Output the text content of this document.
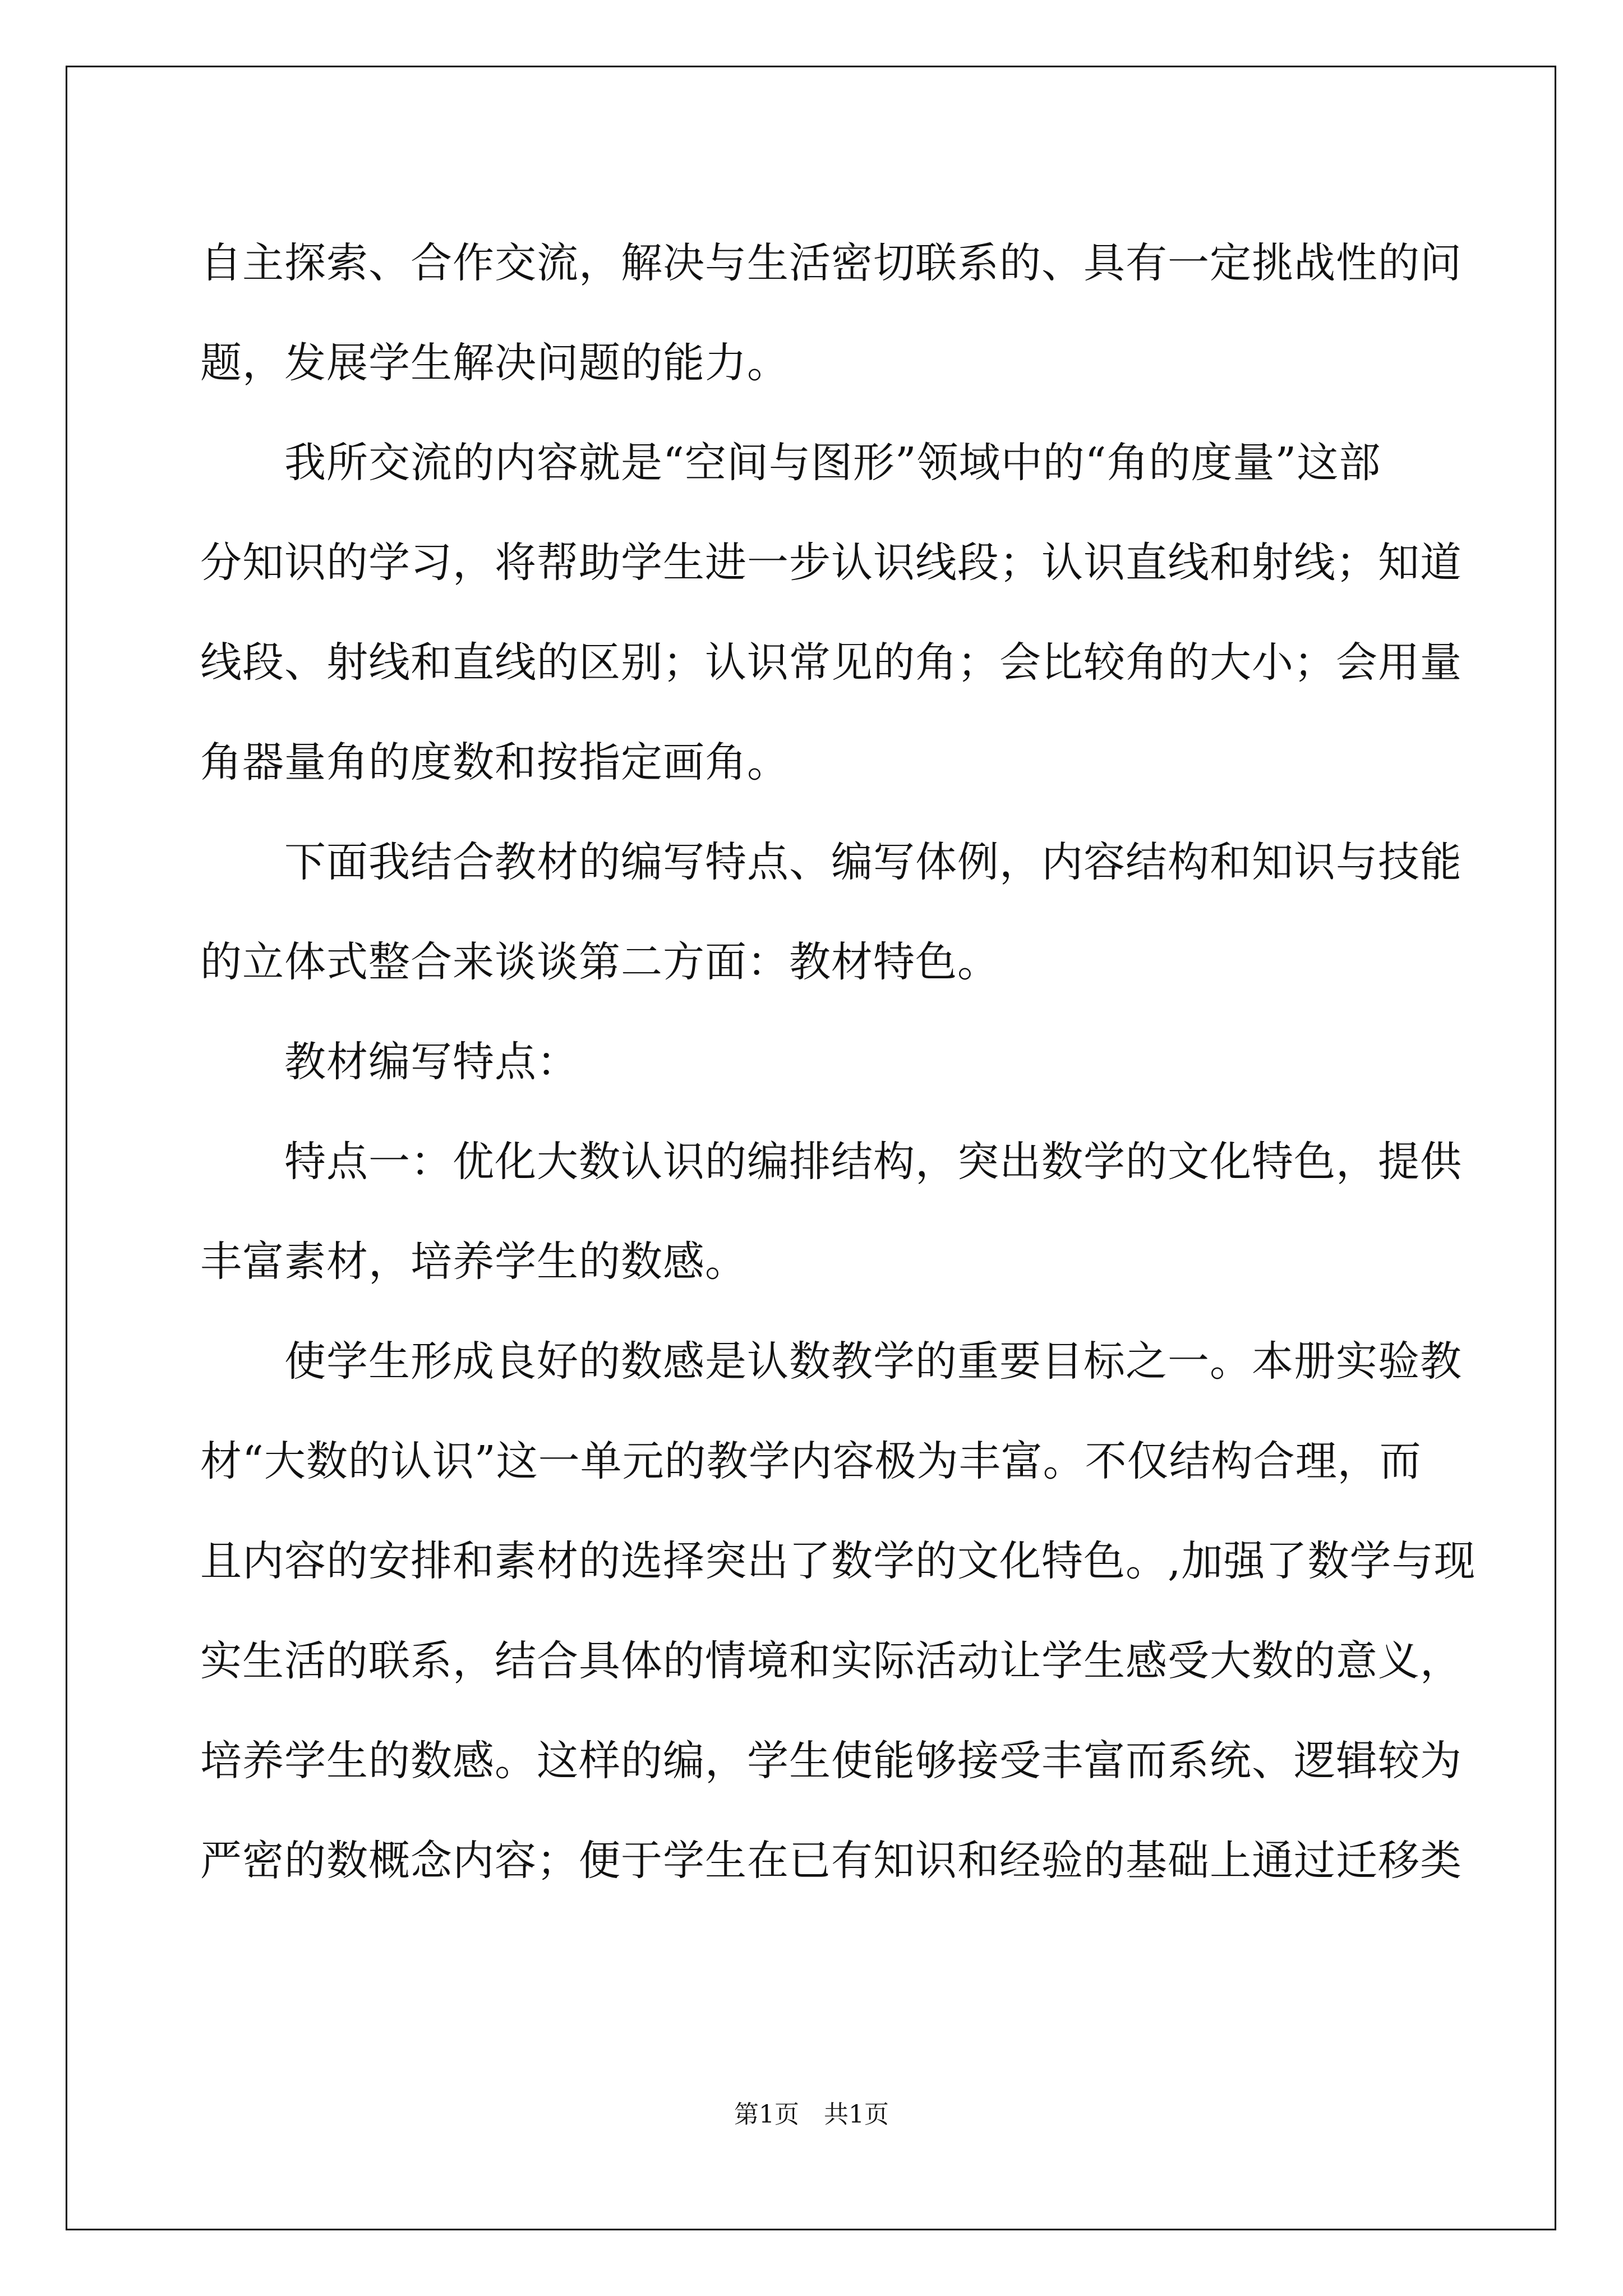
自主探索、合作交流，解决与生活密切联系的、具有一定挑战性的问
题，发展学生解决问题的能力。
　　我所交流的内容就是“空间与图形”领域中的“角的度量”这部
分知识的学习，将帮助学生进一步认识线段；认识直线和射线；知道
线段、射线和直线的区别；认识常见的角；会比较角的大小；会用量
角器量角的度数和按指定画角。
　　下面我结合教材的编写特点、编写体例，内容结构和知识与技能
的立体式整合来谈谈第二方面：教材特色。
　　教材编写特点：
　　特点一：优化大数认识的编排结构，突出数学的文化特色，提供
丰富素材，培养学生的数感。
　　使学生形成良好的数感是认数教学的重要目标之一。本册实验教
材“大数的认识”这一单元的教学内容极为丰富。不仅结构合理，而
且内容的安排和素材的选择突出了数学的文化特色。,加强了数学与现
实生活的联系，结合具体的情境和实际活动让学生感受大数的意义，
培养学生的数感。这样的编，学生使能够接受丰富而系统、逻辑较为
严密的数概念内容；便于学生在已有知识和经验的基础上通过迁移类
第1页　共1页
